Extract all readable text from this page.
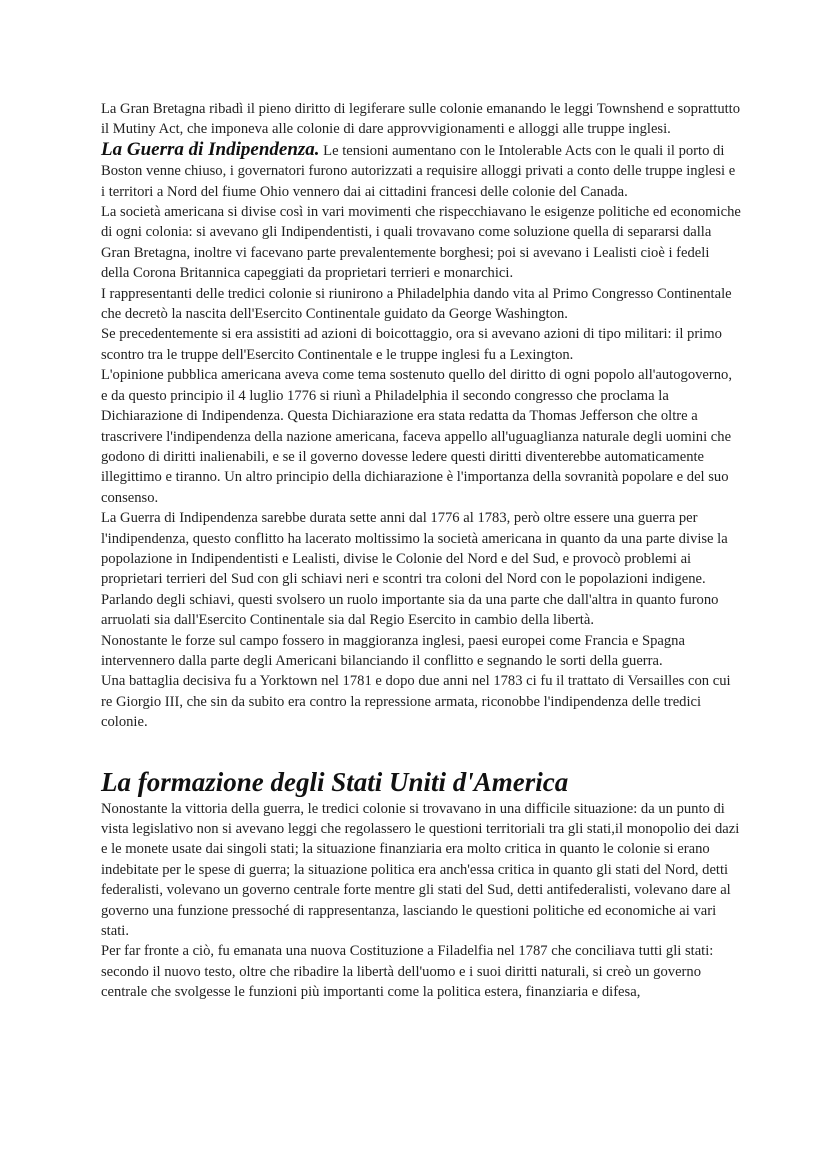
La Gran Bretagna ribadì il pieno diritto di legiferare sulle colonie emanando le leggi Townshend e soprattutto il Mutiny Act, che imponeva alle colonie di dare approvvigionamenti e alloggi alle truppe inglesi.

La Guerra di Indipendenza. Le tensioni aumentano con le Intolerable Acts con le quali il porto di Boston venne chiuso, i governatori furono autorizzati a requisire alloggi privati a conto delle truppe inglesi e i territori a Nord del fiume Ohio vennero dai ai cittadini francesi delle colonie del Canada.

La società americana si divise così in vari movimenti che rispecchiavano le esigenze politiche ed economiche di ogni colonia: si avevano gli Indipendentisti, i quali trovavano come soluzione quella di separarsi dalla Gran Bretagna, inoltre vi facevano parte prevalentemente borghesi; poi si avevano i Lealisti cioè i fedeli della Corona Britannica capeggiati da proprietari terrieri e monarchici.

I rappresentanti delle tredici colonie si riunirono a Philadelphia dando vita al Primo Congresso Continentale che decretò la nascita dell'Esercito Continentale guidato da George Washington.

Se precedentemente si era assistiti ad azioni di boicottaggio, ora si avevano azioni di tipo militari: il primo scontro tra le truppe dell'Esercito Continentale e le truppe inglesi fu a Lexington.

L'opinione pubblica americana aveva come tema sostenuto quello del diritto di ogni popolo all'autogoverno, e da questo principio il 4 luglio 1776 si riunì a Philadelphia il secondo congresso che proclama la Dichiarazione di Indipendenza. Questa Dichiarazione era stata redatta da Thomas Jefferson che oltre a trascrivere l'indipendenza della nazione americana, faceva appello all'uguaglianza naturale degli uomini che godono di diritti inalienabili, e se il governo dovesse ledere questi diritti diventerebbe automaticamente illegittimo e tiranno. Un altro principio della dichiarazione è l'importanza della sovranità popolare e del suo consenso.

La Guerra di Indipendenza sarebbe durata sette anni dal 1776 al 1783, però oltre essere una guerra per l'indipendenza, questo conflitto ha lacerato moltissimo la società americana in quanto da una parte divise la popolazione in Indipendentisti e Lealisti, divise le Colonie del Nord e del Sud, e provocò problemi ai proprietari terrieri del Sud con gli schiavi neri e scontri tra coloni del Nord con le popolazioni indigene.

Parlando degli schiavi, questi svolsero un ruolo importante sia da una parte che dall'altra in quanto furono arruolati sia dall'Esercito Continentale sia dal Regio Esercito in cambio della libertà.

Nonostante le forze sul campo fossero in maggioranza inglesi, paesi europei come Francia e Spagna intervennero dalla parte degli Americani bilanciando il conflitto e segnando le sorti della guerra.

Una battaglia decisiva fu a Yorktown nel 1781 e dopo due anni nel 1783 ci fu il trattato di Versailles con cui re Giorgio III, che sin da subito era contro la repressione armata, riconobbe l'indipendenza delle tredici colonie.

La formazione degli Stati Uniti d'America

Nonostante la vittoria della guerra, le tredici colonie si trovavano in una difficile situazione: da un punto di vista legislativo non si avevano leggi che regolassero le questioni territoriali tra gli stati,il monopolio dei dazi e le monete usate dai singoli stati; la situazione finanziaria era molto critica in quanto le colonie si erano indebitate per le spese di guerra; la situazione politica era anch'essa critica in quanto gli stati del Nord, detti federalisti, volevano un governo centrale forte mentre gli stati del Sud, detti antifederalisti, volevano dare al governo una funzione pressoché di rappresentanza, lasciando le questioni politiche ed economiche ai vari stati.

Per far fronte a ciò, fu emanata una nuova Costituzione a Filadelfia nel 1787 che conciliava tutti gli stati: secondo il nuovo testo, oltre che ribadire la libertà dell'uomo e i suoi diritti naturali, si creò un governo centrale che svolgesse le funzioni più importanti come la politica estera, finanziaria e difesa,
